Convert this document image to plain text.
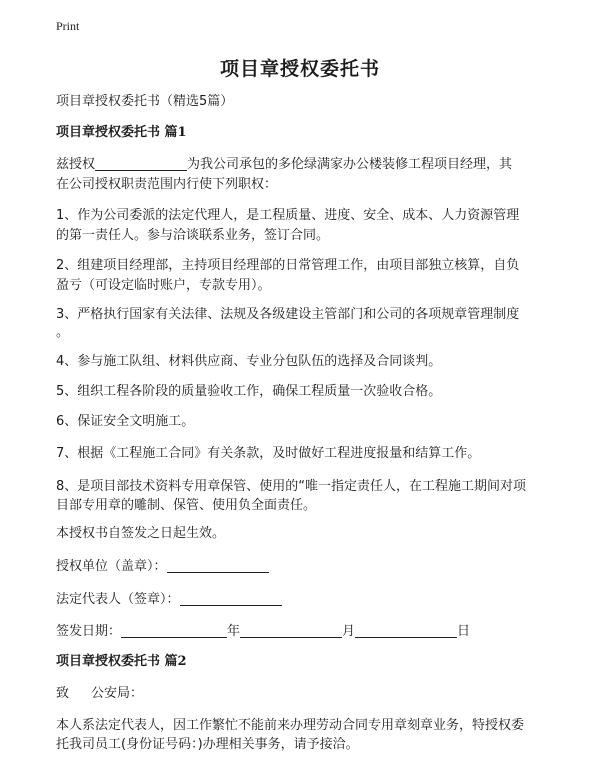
Print
项目章授权委托书
项目章授权委托书（精选5篇）
项目章授权委托书 篇1
兹授权	为我公司承包的多伦绿满家办公楼装修工程项目经理，其
在公司授权职责范围内行使下列职权：
1、作为公司委派的法定代理人，是工程质量、进度、安全、成本、人力资源管理
的第一责任人。参与洽谈联系业务，签订合同。
2、组建项目经理部，主持项目经理部的日常管理工作，由项目部独立核算，自负
盈亏（可设定临时账户，专款专用）。
3、严格执行国家有关法律、法规及各级建设主管部门和公司的各项规章管理制度
。
4、参与施工队组、材料供应商、专业分包队伍的选择及合同谈判。
5、组织工程各阶段的质量验收工作，确保工程质量一次验收合格。
6、保证安全文明施工。
7、根据《工程施工合同》有关条款，及时做好工程进度报量和结算工作。
8、是项目部技术资料专用章保管、使用的“唯一指定责任人，在工程施工期间对项
目部专用章的雕制、保管、使用负全面责任。
本授权书自签发之日起生效。
授权单位（盖章）：
法定代表人（签章）：
签发日期：	年	月	日
项目章授权委托书 篇2
致 公安局：
本人系法定代表人，因工作繁忙不能前来办理劳动合同专用章刻章业务，特授权委
托我司员工(身份证号码：)办理相关事务，请予接洽。
